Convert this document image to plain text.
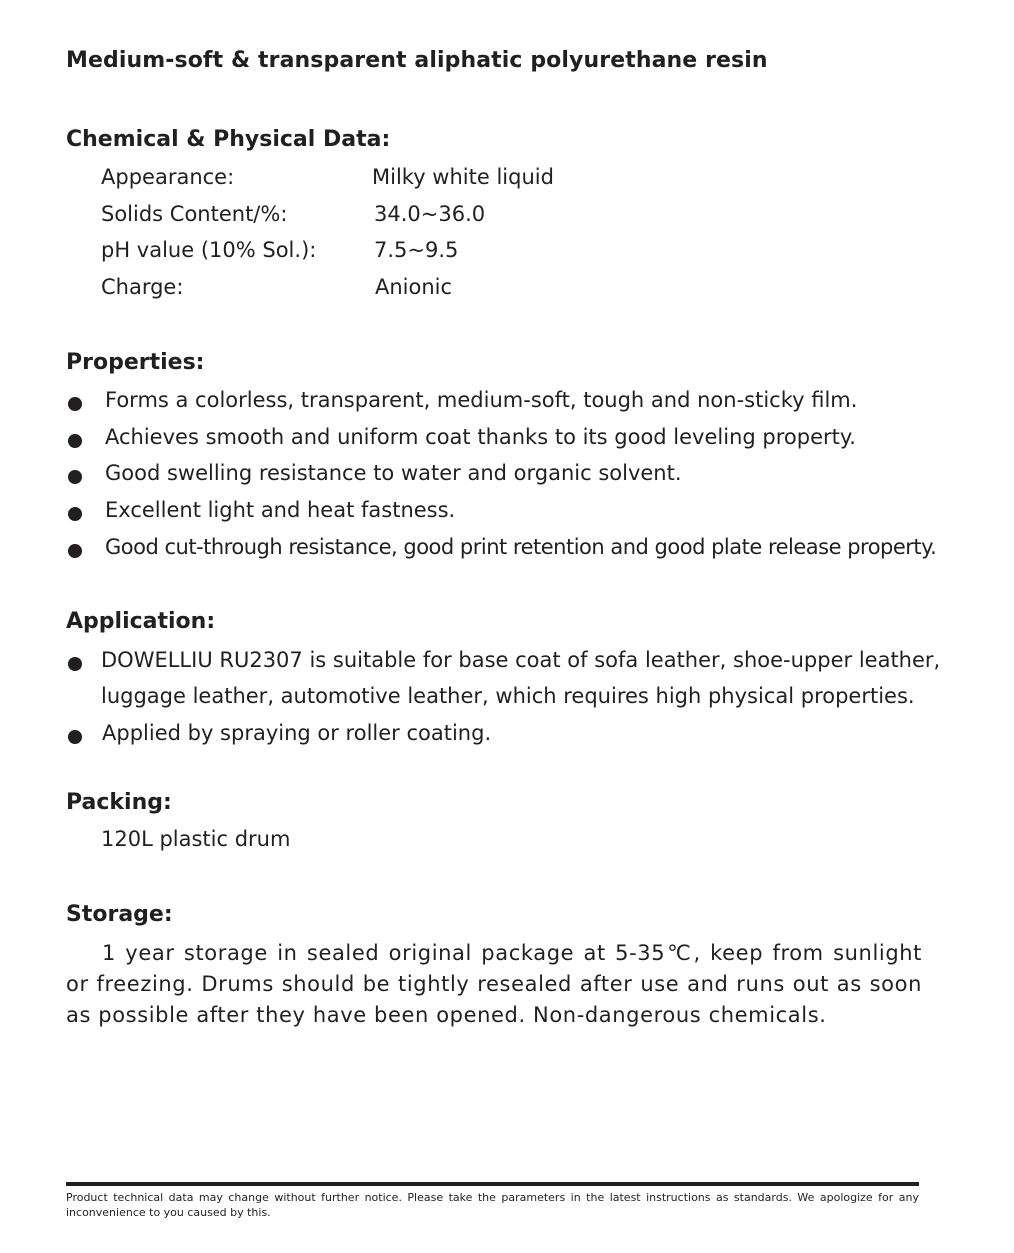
Medium-soft & transparent aliphatic polyurethane resin
Chemical & Physical Data:
Appearance:	Milky white liquid
Solids Content/%:	34.0~36.0
pH value (10% Sol.):	7.5~9.5
Charge:	Anionic
Properties:
Forms a colorless, transparent, medium-soft, tough and non-sticky film.
Achieves smooth and uniform coat thanks to its good leveling property.
Good swelling resistance to water and organic solvent.
Excellent light and heat fastness.
Good cut-through resistance, good print retention and good plate release property.
Application:
DOWELLIU RU2307 is suitable for base coat of sofa leather, shoe-upper leather,
luggage leather, automotive leather, which requires high physical properties.
Applied by spraying or roller coating.
Packing:
120L plastic drum
Storage:
1 year storage in sealed original package at 5-35℃, keep from sunlight or freezing. Drums should be tightly resealed after use and runs out as soon as possible after they have been opened. Non-dangerous chemicals.
Product technical data may change without further notice. Please take the parameters in the latest instructions as standards. We apologize for any inconvenience to you caused by this.
